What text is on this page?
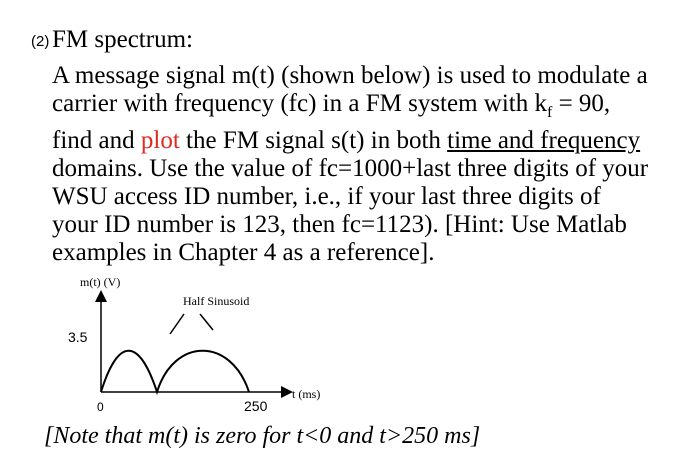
(2) FM spectrum:
A message signal m(t) (shown below) is used to modulate a
carrier with frequency (fc) in a FM system with $k_f = 90$,
find and plot the FM signal s(t) in both time and frequency
domains. Use the value of fc=1000+last three digits of your
WSU access ID number, i.e., if your last three digits of
your ID number is 123, then fc=1123). [Hint: Use Matlab
examples in Chapter 4 as a reference].
m(t) (V)
3.5
0	250
t (ms)
Half Sinusoid
[Note that m(t) is zero for t<0 and t>250 ms]
